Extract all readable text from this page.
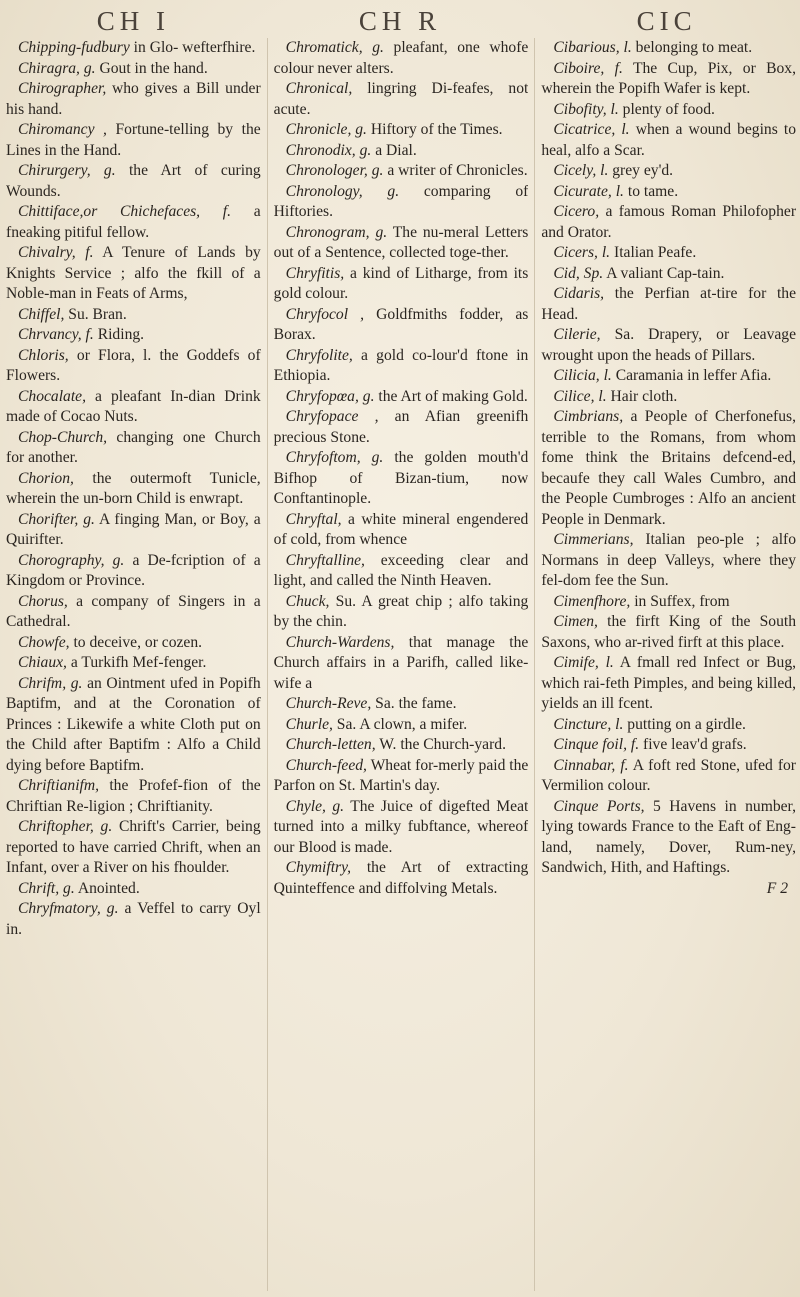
CH I	CH R	CIC

Chipping-fudbury in Glo- wefterfhire.

Chiragra, g. Gout in the hand.

Chirographer, who gives a Bill under his hand.

Chiromancy , Fortune-telling by the Lines in the Hand.

Chirurgery, g. the Art of curing Wounds.

Chittiface,or Chichefaces, f. a fneaking pitiful fellow.

Chivalry, f. A Tenure of Lands by Knights Service ; alfo the fkill of a Noble-man in Feats of Arms,

Chiffel, Su. Bran.

Chrvancy, f. Riding.

Chloris, or Flora, l. the Goddefs of Flowers.

Chocalate, a pleafant In-dian Drink made of Cocao Nuts.

Chop-Church, changing one Church for another.

Chorion, the outermoft Tunicle, wherein the un-born Child is enwrapt.

Chorifter, g. A finging Man, or Boy, a Quirifter.

Chorography, g. a De-fcription of a Kingdom or Province.

Chorus, a company of Singers in a Cathedral.

Chowfe, to deceive, or cozen.

Chiaux, a Turkifh Mef-fenger.

Chrifm, g. an Ointment ufed in Popifh Baptifm, and at the Coronation of Princes : Likewife a white Cloth put on the Child after Baptifm : Alfo a Child dying before Baptifm.

Chriftianifm, the Profef-fion of the Chriftian Re-ligion ; Chriftianity.

Chriftopher, g. Chrift's Carrier, being reported to have carried Chrift, when an Infant, over a River on his fhoulder.

Chrift, g. Anointed.

Chryfmatory, g. a Veffel to carry Oyl in.

Chromatick, g. pleafant, one whofe colour never alters.

Chronical, lingring Di-feafes, not acute.

Chronicle, g. Hiftory of the Times.

Chronodix, g. a Dial.

Chronologer, g. a writer of Chronicles.

Chronology, g. comparing of Hiftories.

Chronogram, g. The nu-meral Letters out of a Sentence, collected toge-ther.

Chryfitis, a kind of Litharge, from its gold colour.

Chryfocol , Goldfmiths fodder, as Borax.

Chryfolite, a gold co-lour'd ftone in Ethiopia.

Chryfopœa, g. the Art of making Gold.

Chryfopace , an Afian greenifh precious Stone.

Chryfoftom, g. the golden mouth'd Bifhop of Bizan-tium, now Conftantinople.

Chryftal, a white mineral engendered of cold, from whence

Chryftalline, exceeding clear and light, and called the Ninth Heaven.

Chuck, Su. A great chip ; alfo taking by the chin.

Church-Wardens, that manage the Church affairs in a Parifh, called like-wife a

Church-Reve, Sa. the fame.

Churle, Sa. A clown, a mifer.

Church-letten, W. the Church-yard.

Church-feed, Wheat for-merly paid the Parfon on St. Martin's day.

Chyle, g. The Juice of digefted Meat turned into a milky fubftance, whereof our Blood is made.

Chymiftry, the Art of extracting Quinteffence and diffolving Metals.

Cibarious, l. belonging to meat.

Ciboire, f. The Cup, Pix, or Box, wherein the Popifh Wafer is kept.

Cibofity, l. plenty of food.

Cicatrice, l. when a wound begins to heal, alfo a Scar.

Cicely, l. grey ey'd.

Cicurate, l. to tame.

Cicero, a famous Roman Philofopher and Orator.

Cicers, l. Italian Peafe.

Cid, Sp. A valiant Cap-tain.

Cidaris, the Perfian at-tire for the Head.

Cilerie, Sa. Drapery, or Leavage wrought upon the heads of Pillars.

Cilicia, l. Caramania in leffer Afia.

Cilice, l. Hair cloth.

Cimbrians, a People of Cherfonefus, terrible to the Romans, from whom fome think the Britains defcend-ed, becaufe they call Wales Cumbro, and the People Cumbroges : Alfo an ancient People in Denmark.

Cimmerians, Italian peo-ple ; alfo Normans in deep Valleys, where they fel-dom fee the Sun.

Cimenfhore, in Suffex, from

Cimen, the firft King of the South Saxons, who ar-rived firft at this place.

Cimife, l. A fmall red Infect or Bug, which rai-feth Pimples, and being killed, yields an ill fcent.

Cincture, l. putting on a girdle.

Cinque foil, f. five leav'd grafs.

Cinnabar, f. A foft red Stone, ufed for Vermilion colour.

Cinque Ports, 5 Havens in number, lying towards France to the Eaft of Eng-land, namely, Dover, Rum-ney, Sandwich, Hith, and Haftings.

F 2
